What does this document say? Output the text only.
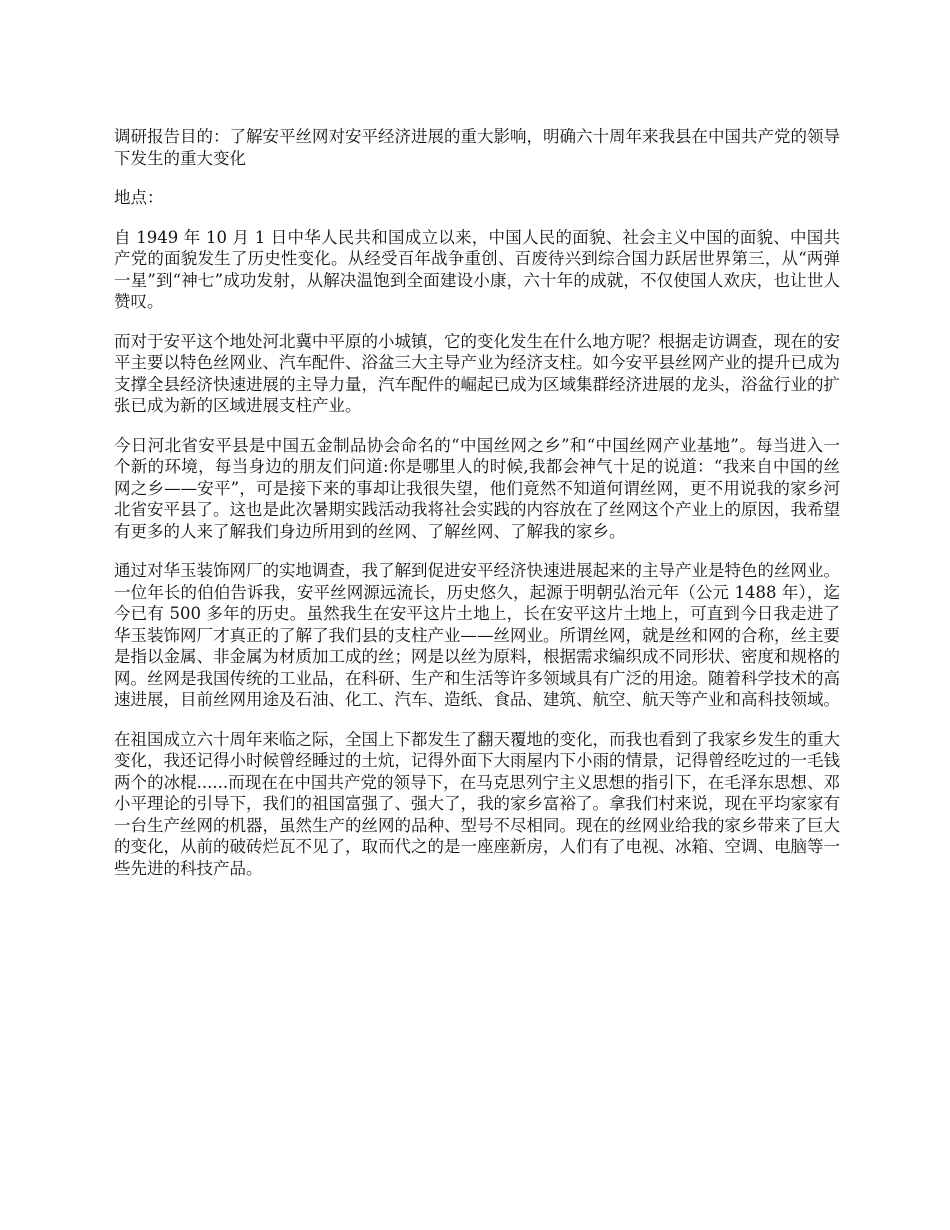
调研报告目的：了解安平丝网对安平经济进展的重大影响，明确六十周年来我县在中国共产党的领导下发生的重大变化

地点：

自 1949 年 10 月 1 日中华人民共和国成立以来，中国人民的面貌、社会主义中国的面貌、中国共产党的面貌发生了历史性变化。从经受百年战争重创、百废待兴到综合国力跃居世界第三，从“两弹一星”到“神七”成功发射，从解决温饱到全面建设小康，六十年的成就，不仅使国人欢庆，也让世人赞叹。

而对于安平这个地处河北冀中平原的小城镇，它的变化发生在什么地方呢？根据走访调查，现在的安平主要以特色丝网业、汽车配件、浴盆三大主导产业为经济支柱。如今安平县丝网产业的提升已成为支撑全县经济快速进展的主导力量，汽车配件的崛起已成为区域集群经济进展的龙头，浴盆行业的扩张已成为新的区域进展支柱产业。

今日河北省安平县是中国五金制品协会命名的“中国丝网之乡”和“中国丝网产业基地”。每当进入一个新的环境，每当身边的朋友们问道:你是哪里人的时候,我都会神气十足的说道：“我来自中国的丝网之乡——安平”，可是接下来的事却让我很失望，他们竟然不知道何谓丝网，更不用说我的家乡河北省安平县了。这也是此次暑期实践活动我将社会实践的内容放在了丝网这个产业上的原因，我希望有更多的人来了解我们身边所用到的丝网、了解丝网、了解我的家乡。

通过对华玉装饰网厂的实地调查，我了解到促进安平经济快速进展起来的主导产业是特色的丝网业。一位年长的伯伯告诉我，安平丝网源远流长，历史悠久，起源于明朝弘治元年（公元 1488 年），迄今已有 500 多年的历史。虽然我生在安平这片土地上，长在安平这片土地上，可直到今日我走进了华玉装饰网厂才真正的了解了我们县的支柱产业——丝网业。所谓丝网，就是丝和网的合称，丝主要是指以金属、非金属为材质加工成的丝；网是以丝为原料，根据需求编织成不同形状、密度和规格的网。丝网是我国传统的工业品，在科研、生产和生活等许多领域具有广泛的用途。随着科学技术的高速进展，目前丝网用途及石油、化工、汽车、造纸、食品、建筑、航空、航天等产业和高科技领域。

在祖国成立六十周年来临之际，全国上下都发生了翻天覆地的变化，而我也看到了我家乡发生的重大变化，我还记得小时候曾经睡过的土炕，记得外面下大雨屋内下小雨的情景，记得曾经吃过的一毛钱两个的冰棍......而现在在中国共产党的领导下，在马克思列宁主义思想的指引下，在毛泽东思想、邓小平理论的引导下，我们的祖国富强了、强大了，我的家乡富裕了。拿我们村来说，现在平均家家有一台生产丝网的机器，虽然生产的丝网的品种、型号不尽相同。现在的丝网业给我的家乡带来了巨大的变化，从前的破砖烂瓦不见了，取而代之的是一座座新房，人们有了电视、冰箱、空调、电脑等一些先进的科技产品。
